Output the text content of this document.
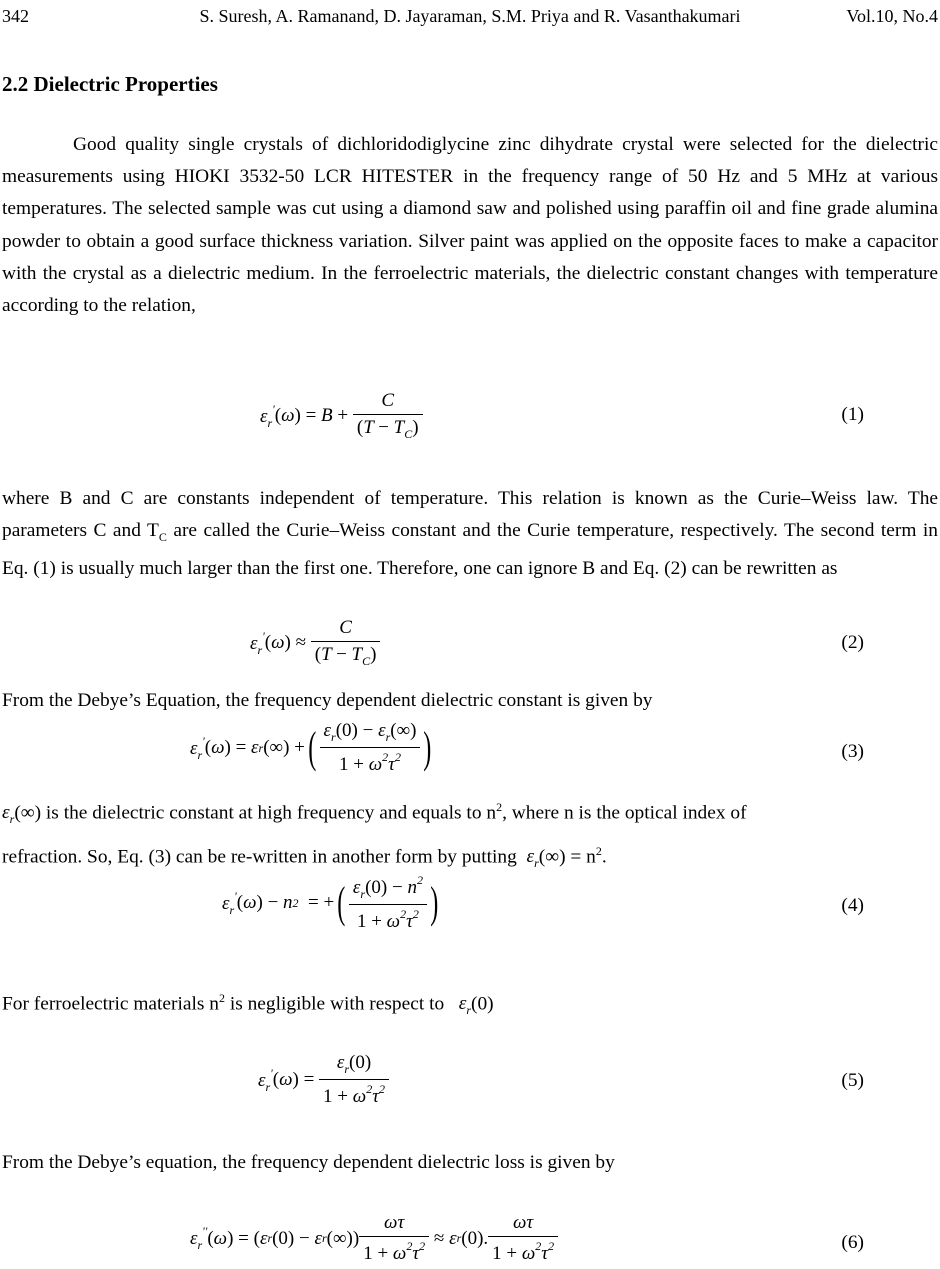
342	S. Suresh, A. Ramanand, D. Jayaraman, S.M. Priya and R. Vasanthakumari	Vol.10, No.4
2.2 Dielectric Properties
Good quality single crystals of dichloridodiglycine zinc dihydrate crystal were selected for the dielectric measurements using HIOKI 3532-50 LCR HITESTER in the frequency range of 50 Hz and 5 MHz at various temperatures. The selected sample was cut using a diamond saw and polished using paraffin oil and fine grade alumina powder to obtain a good surface thickness variation. Silver paint was applied on the opposite faces to make a capacitor with the crystal as a dielectric medium. In the ferroelectric materials, the dielectric constant changes with temperature according to the relation,
$\varepsilon_r'$ ( ω ) = $B + \frac{C}{(T - T_C)}$	(1)
where B and C are constants independent of temperature. This relation is known as the Curie–Weiss law. The parameters C and $T_C$ are called the Curie–Weiss constant and the Curie temperature, respectively. The second term in Eq. (1) is usually much larger than the first one. Therefore, one can ignore B and Eq. (2) can be rewritten as
$\varepsilon_r'$ ( ω ) ≈ $\frac{C}{(T - T_C)}$	(2)
From the Debye’s Equation, the frequency dependent dielectric constant is given by
$\varepsilon_r'$ ( ω ) = ε r (∞) + ( $\frac{\varepsilon_r(0) - \varepsilon_r(\infty)}{1 + \omega^2\tau^2}$ )	(3)
$\varepsilon_r(\infty)$ is the dielectric constant at high frequency and equals to $n^2$, where n is the optical index of
refraction. So, Eq. (3) can be re-written in another form by putting $\varepsilon_r(\infty) = n^2$.
$\varepsilon_r'$ ( ω ) − n 2 = + ( $\frac{\varepsilon_r(0) - n^2}{1 + \omega^2\tau^2}$ )	(4)
For ferroelectric materials $n^2$ is negligible with respect to $\varepsilon_r(0)$
$\varepsilon_r'$ ( ω ) = $\frac{\varepsilon_r(0)}{1 + \omega^2\tau^2}$	(5)
From the Debye’s equation, the frequency dependent dielectric loss is given by
$\varepsilon_r''$ ( ω ) = ( ε r (0) − ε r (∞)) $\frac{\omega\tau}{1 + \omega^2\tau^2} \approx \varepsilon$ r (0). $\frac{\omega\tau}{1 + \omega^2\tau^2}$	(6)
